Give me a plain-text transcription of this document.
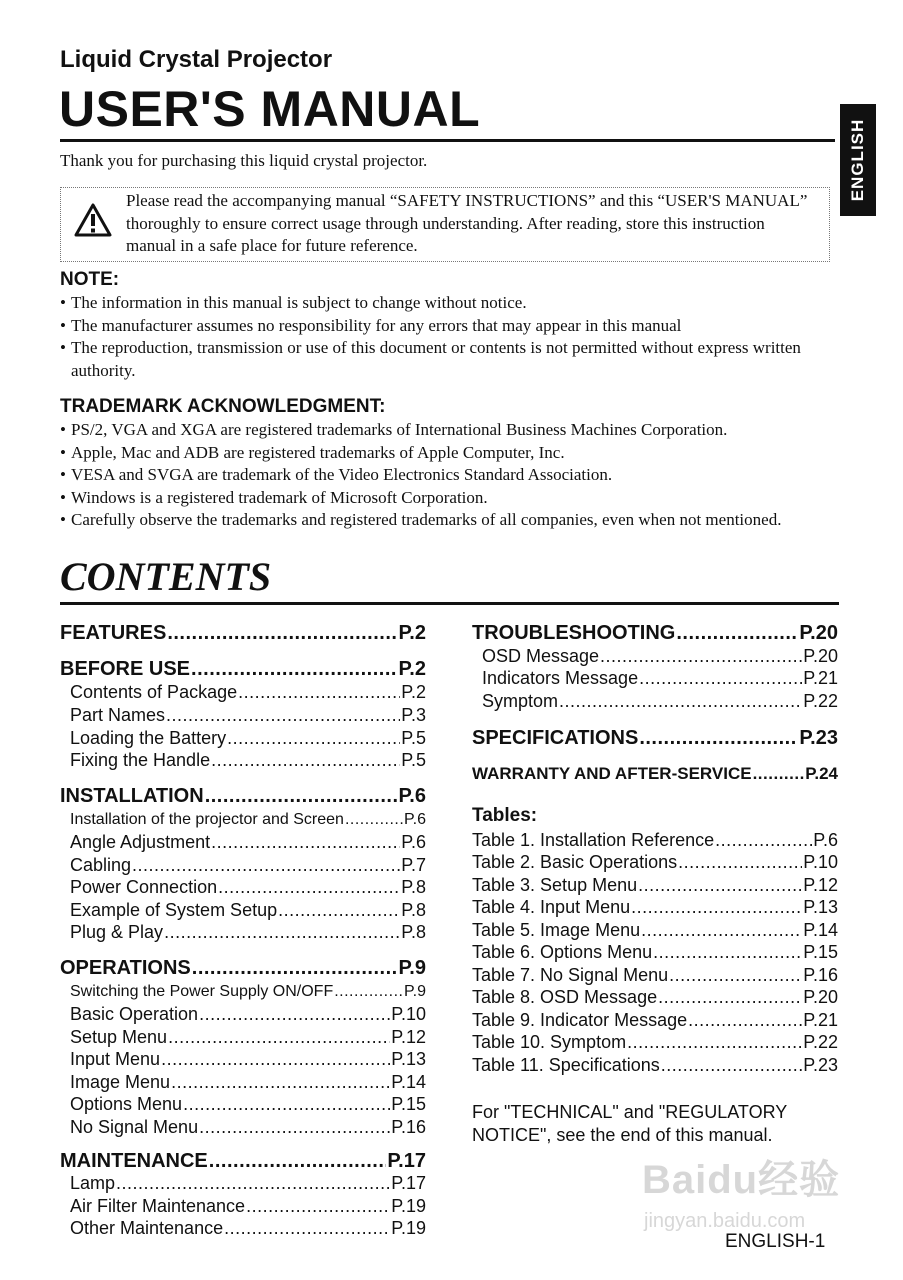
Liquid Crystal Projector
USER'S MANUAL
ENGLISH
Thank you for purchasing this liquid crystal projector.
Please read the accompanying manual “SAFETY INSTRUCTIONS” and this “USER'S MANUAL” thoroughly to ensure correct usage through understanding. After reading, store this instruction manual in a safe place for future reference.
NOTE:
• The information in this manual is subject to change without notice.
• The manufacturer assumes no responsibility for any errors that may appear in this manual
• The reproduction, transmission or use of this document or contents is not permitted without express written authority.
TRADEMARK ACKNOWLEDGMENT:
• PS/2, VGA and XGA are registered trademarks of International Business Machines Corporation.
• Apple, Mac and ADB are registered trademarks of Apple Computer, Inc.
• VESA and SVGA are trademark of the Video Electronics Standard Association.
• Windows is a registered trademark of Microsoft Corporation.
• Carefully observe the trademarks and registered trademarks of all companies, even when not mentioned.
CONTENTS
FEATURES .....	P.2
BEFORE USE .....	P.2
Contents of Package .....	P.2
Part Names .....	P.3
Loading the Battery .....	P.5
Fixing the Handle .....	P.5
INSTALLATION .....	P.6
Installation of the projector and Screen .....	P.6
Angle Adjustment .....	P.6
Cabling .....	P.7
Power Connection .....	P.8
Example of System Setup .....	P.8
Plug & Play .....	P.8
OPERATIONS .....	P.9
Switching the Power Supply ON/OFF .....	P.9
Basic Operation .....	P.10
Setup Menu .....	P.12
Input Menu .....	P.13
Image Menu .....	P.14
Options Menu .....	P.15
No Signal Menu .....	P.16
MAINTENANCE .....	P.17
Lamp .....	P.17
Air Filter Maintenance .....	P.19
Other Maintenance .....	P.19
TROUBLESHOOTING .....	P.20
OSD Message .....	P.20
Indicators Message .....	P.21
Symptom .....	P.22
SPECIFICATIONS .....	P.23
WARRANTY AND AFTER-SERVICE .....	P.24
Tables:
Table 1. Installation Reference .....	P.6
Table 2. Basic Operations .....	P.10
Table 3. Setup Menu .....	P.12
Table 4. Input Menu .....	P.13
Table 5. Image Menu .....	P.14
Table 6. Options Menu .....	P.15
Table 7. No Signal Menu .....	P.16
Table 8. OSD Message .....	P.20
Table 9. Indicator Message .....	P.21
Table 10. Symptom .....	P.22
Table 11. Specifications .....	P.23
For "TECHNICAL" and "REGULATORY NOTICE", see the end of this manual.
Baidu经验
jingyan.baidu.com
ENGLISH-1
